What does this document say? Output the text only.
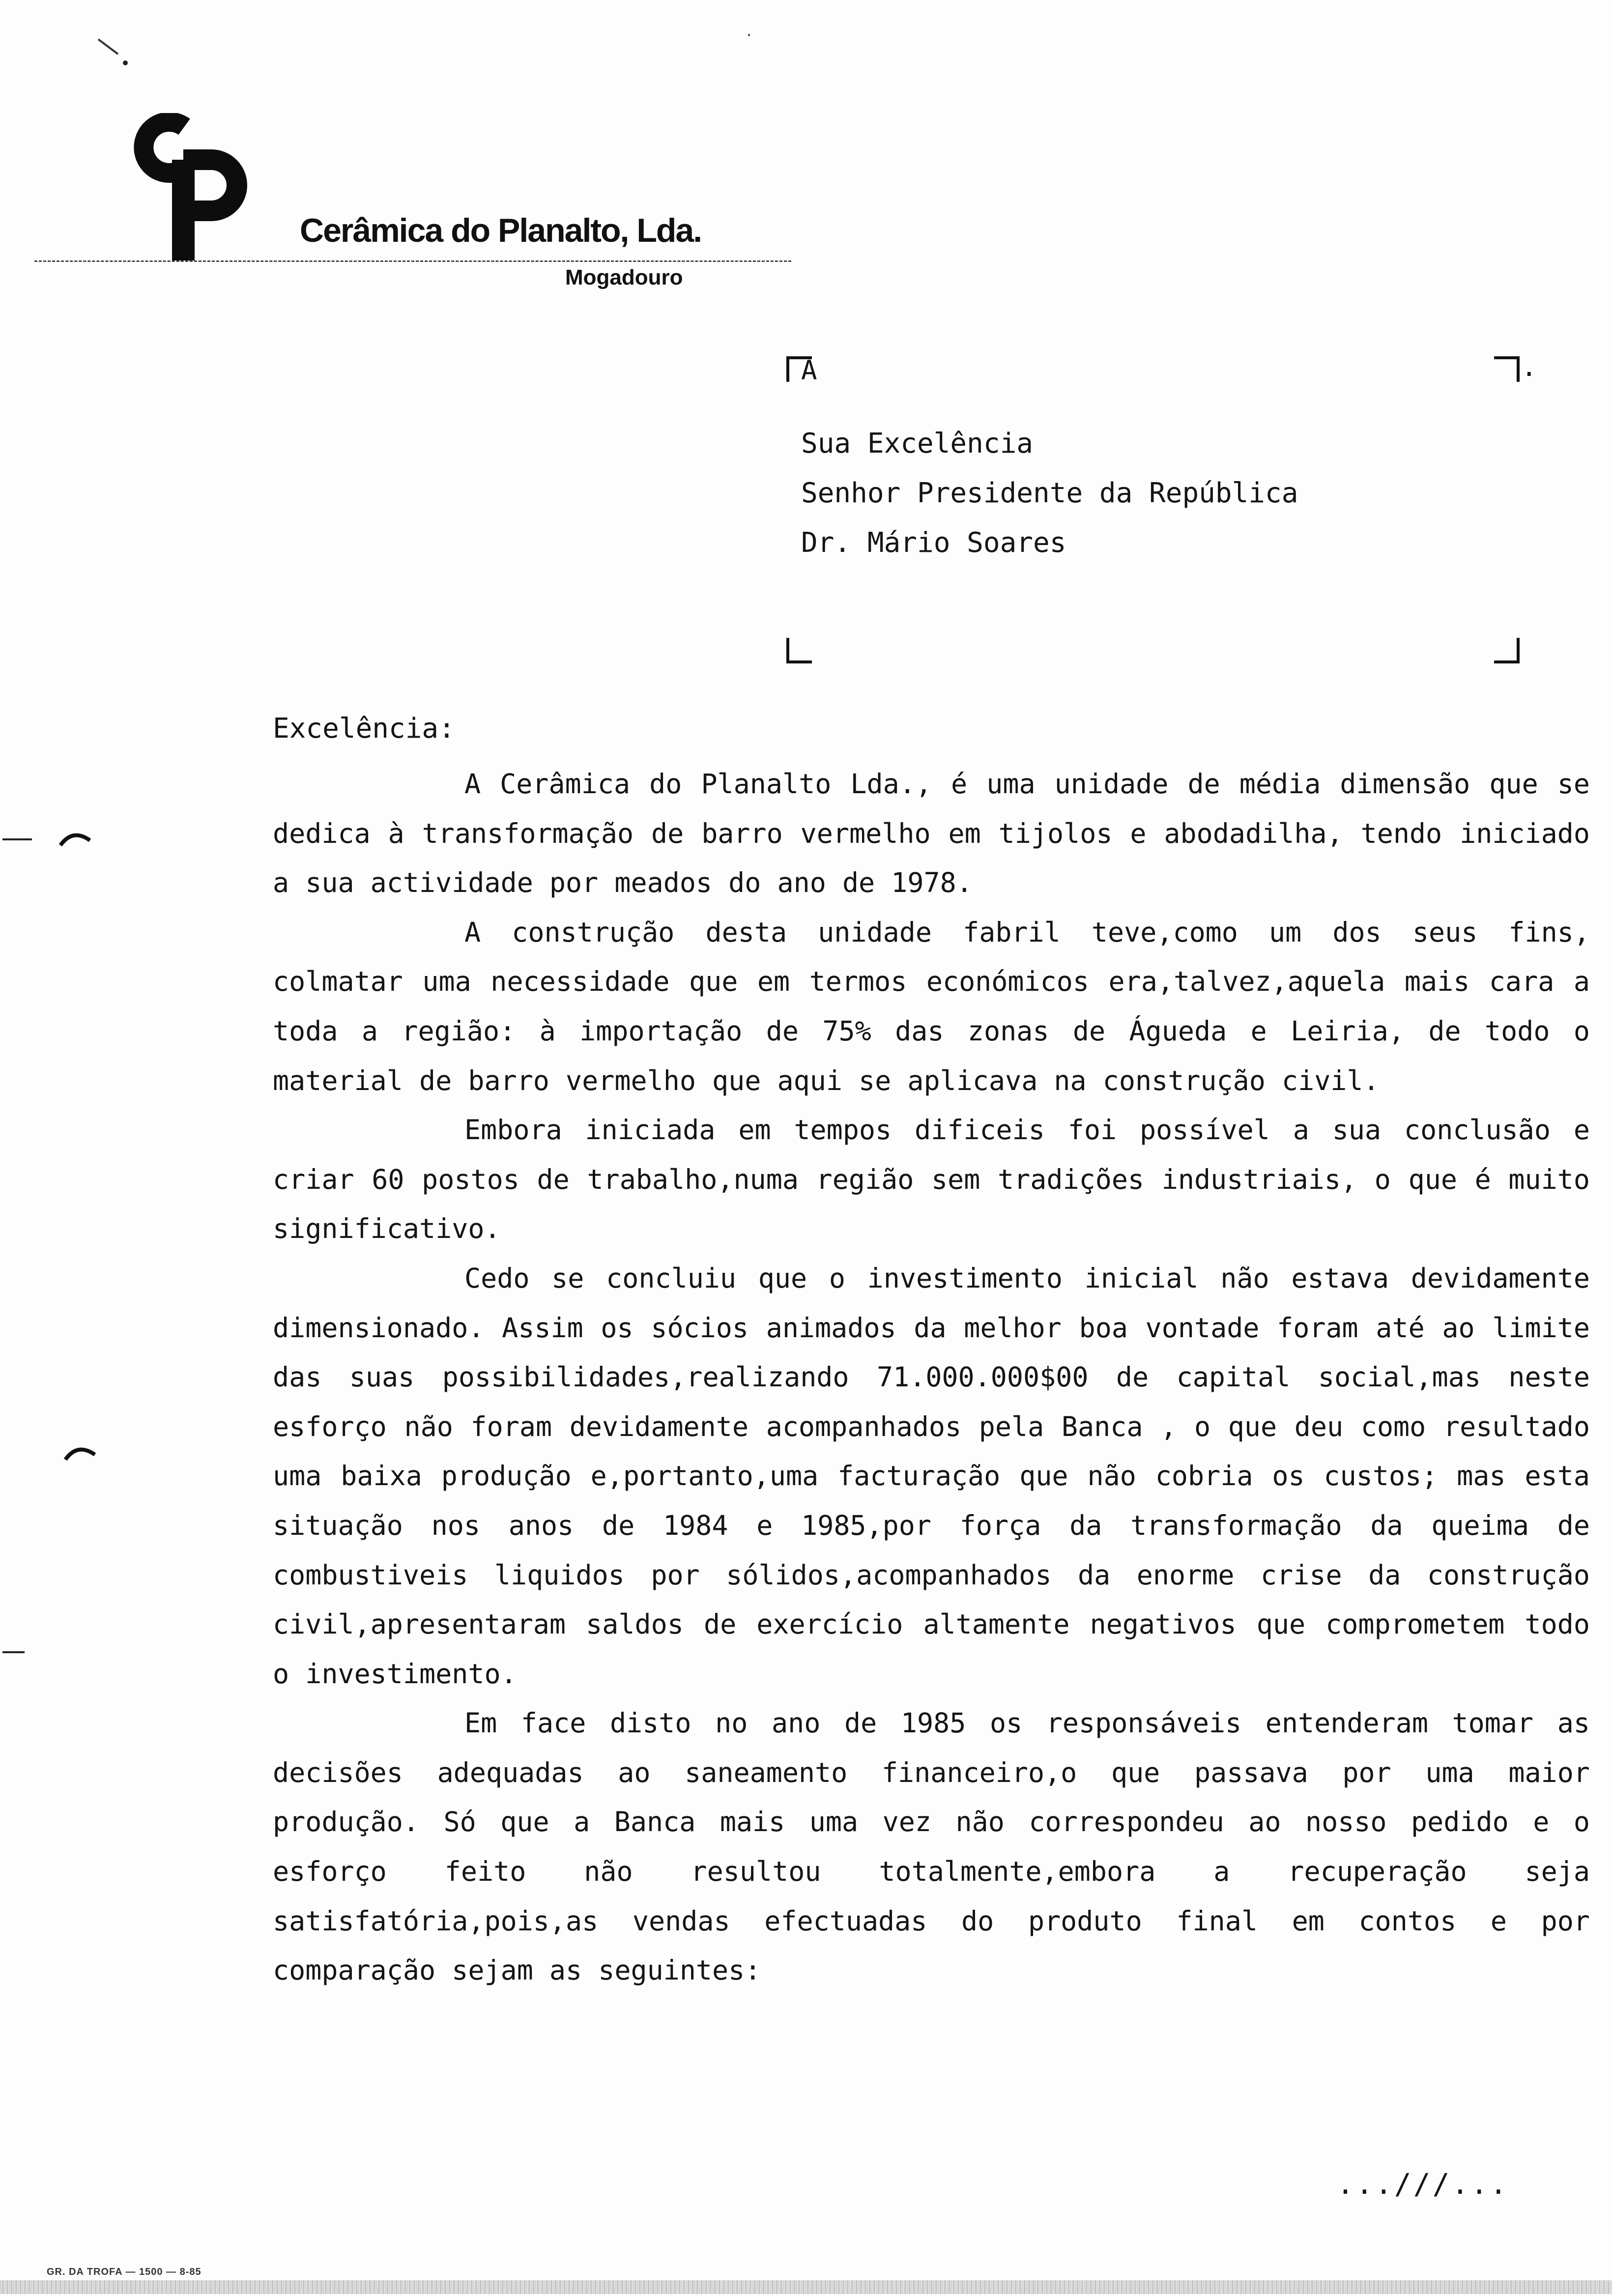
·
CP
Cerâmica do Planalto, Lda.
Mogadouro
A	.
Sua Excelência
Senhor Presidente da República
Dr. Mário Soares
Excelência:

A Cerâmica do Planalto Lda., é uma unidade de média dimensão que se dedica à transformação de barro vermelho em tijolos e abodadilha, tendo iniciado a sua actividade por meados do ano de 1978.

A construção desta unidade fabril teve,como um dos seus fins, colmatar uma necessidade que em termos económicos era,talvez,aquela mais cara a toda a região: à importação de 75% das zonas de Águeda e Leiria, de todo o material de barro vermelho que aqui se aplicava na construção civil.

Embora iniciada em tempos dificeis foi possível a sua conclusão e criar 60 postos de trabalho,numa região sem tradições industriais, o que é muito significativo.

Cedo se concluiu que o investimento inicial não estava devidamente dimensionado. Assim os sócios animados da melhor boa vontade foram até ao limite das suas possibilidades,realizando 71.000.000$00 de capital social,mas neste esforço não foram devidamente acompanhados pela Banca , o que deu como resultado uma baixa produção e,portanto,uma facturação que não cobria os custos; mas esta situação nos anos de 1984 e 1985,por força da transformação da queima de combustiveis liquidos por sólidos,acompanhados da enorme crise da construção civil,apresentaram saldos de exercício altamente negativos que comprometem todo o investimento.

Em face disto no ano de 1985 os responsáveis entenderam tomar as decisões adequadas ao saneamento financeiro,o que passava por uma maior produção. Só que a Banca mais uma vez não correspondeu ao nosso pedido e o esforço feito não resultou totalmente,embora a recuperação seja satisfatória,pois,as vendas efectuadas do produto final em contos e por comparação sejam as seguintes:

...///...
GR. DA TROFA — 1500 — 8-85
